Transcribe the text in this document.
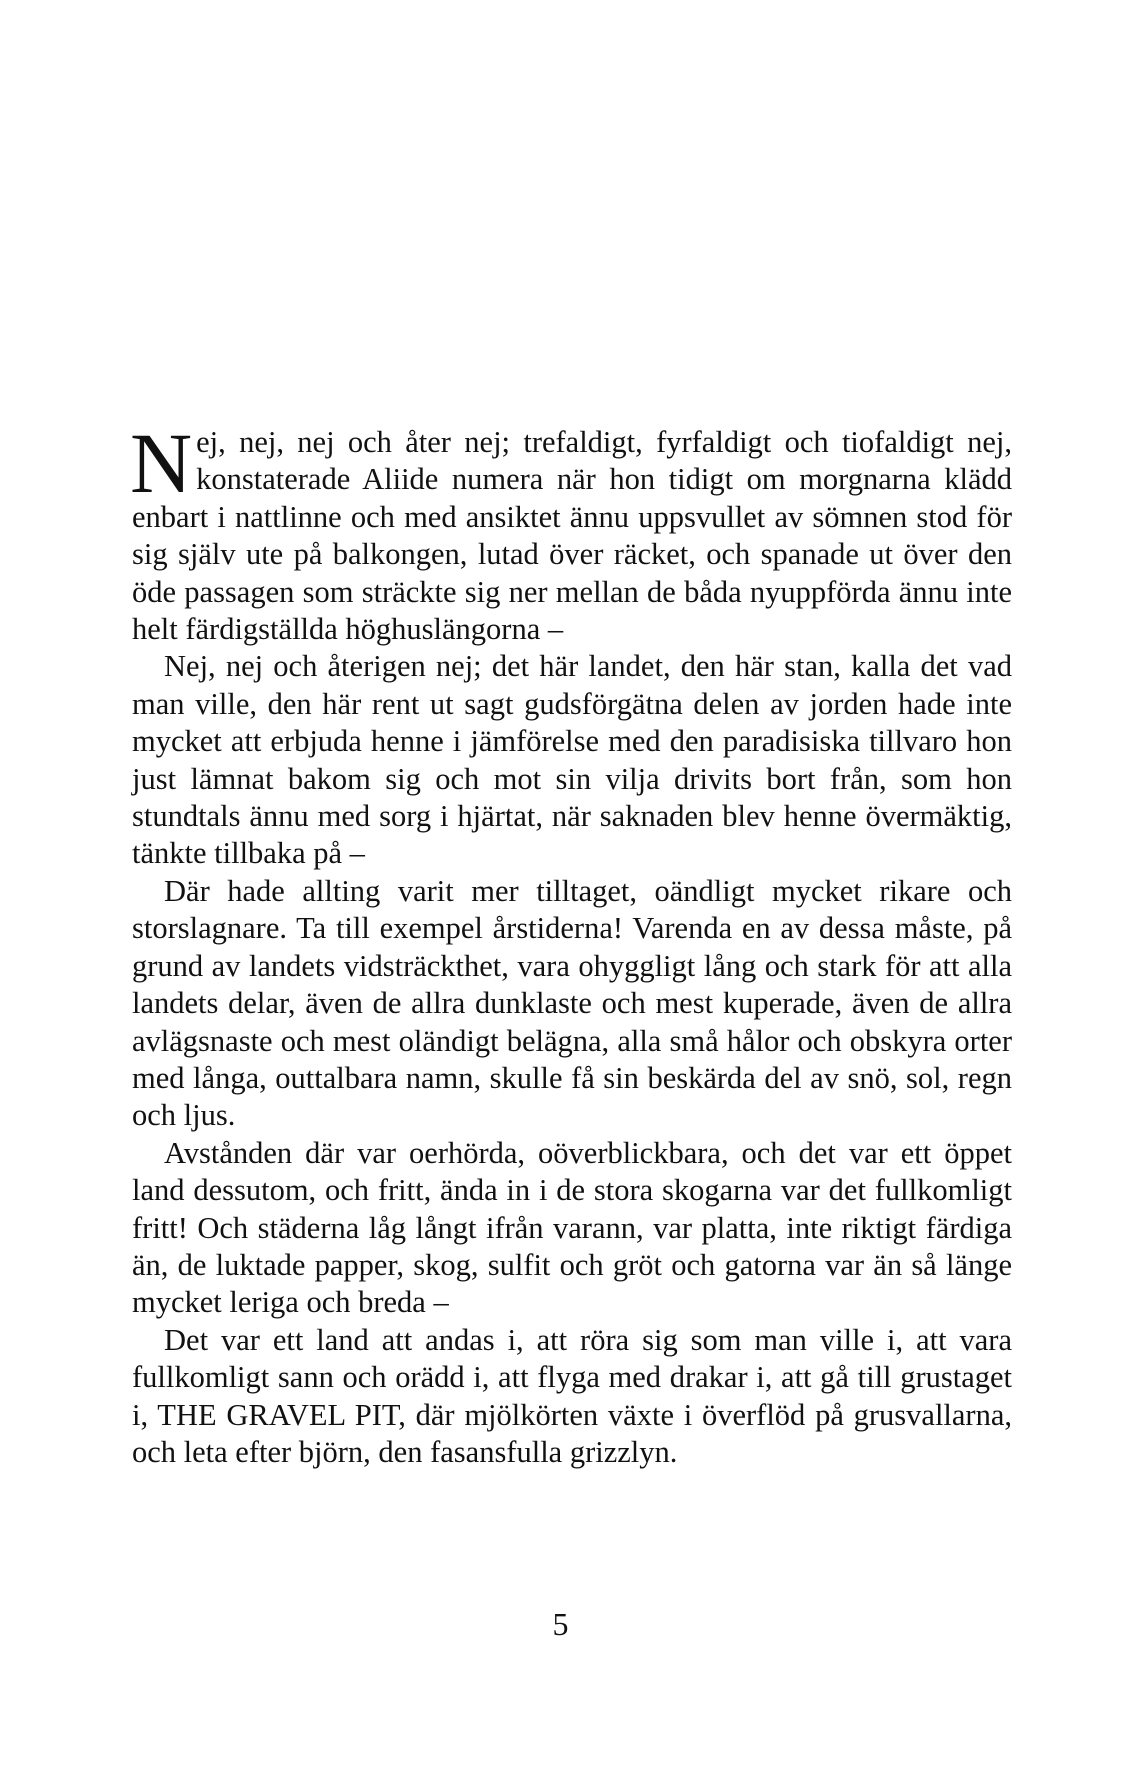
Nej, nej, nej och åter nej; trefaldigt, fyrfaldigt och tiofaldigt nej, konstaterade Aliide numera när hon tidigt om morgnarna klädd enbart i nattlinne och med ansiktet ännu uppsvullet av sömnen stod för sig själv ute på balkongen, lutad över räcket, och spanade ut över den öde passagen som sträckte sig ner mellan de båda nyuppförda ännu inte helt färdigställda höghuslängorna –

Nej, nej och återigen nej; det här landet, den här stan, kalla det vad man ville, den här rent ut sagt gudsförgätna delen av jorden hade inte mycket att erbjuda henne i jämförelse med den paradisiska tillvaro hon just lämnat bakom sig och mot sin vilja drivits bort från, som hon stundtals ännu med sorg i hjärtat, när saknaden blev henne övermäktig, tänkte tillbaka på –

Där hade allting varit mer tilltaget, oändligt mycket rikare och storslagnare. Ta till exempel årstiderna! Varenda en av dessa måste, på grund av landets vidsträckthet, vara ohyggligt lång och stark för att alla landets delar, även de allra dunklaste och mest kuperade, även de allra avlägsnaste och mest oländigt belägna, alla små hålor och obskyra orter med långa, outtalbara namn, skulle få sin beskärda del av snö, sol, regn och ljus.

Avstånden där var oerhörda, oöverblickbara, och det var ett öppet land dessutom, och fritt, ända in i de stora skogarna var det fullkomligt fritt! Och städerna låg långt ifrån varann, var platta, inte riktigt färdiga än, de luktade papper, skog, sulfit och gröt och gatorna var än så länge mycket leriga och breda –

Det var ett land att andas i, att röra sig som man ville i, att vara fullkomligt sann och orädd i, att flyga med drakar i, att gå till grustaget i, THE GRAVEL PIT, där mjölkörten växte i överflöd på grusvallarna, och leta efter björn, den fasansfulla grizzlyn.

5
